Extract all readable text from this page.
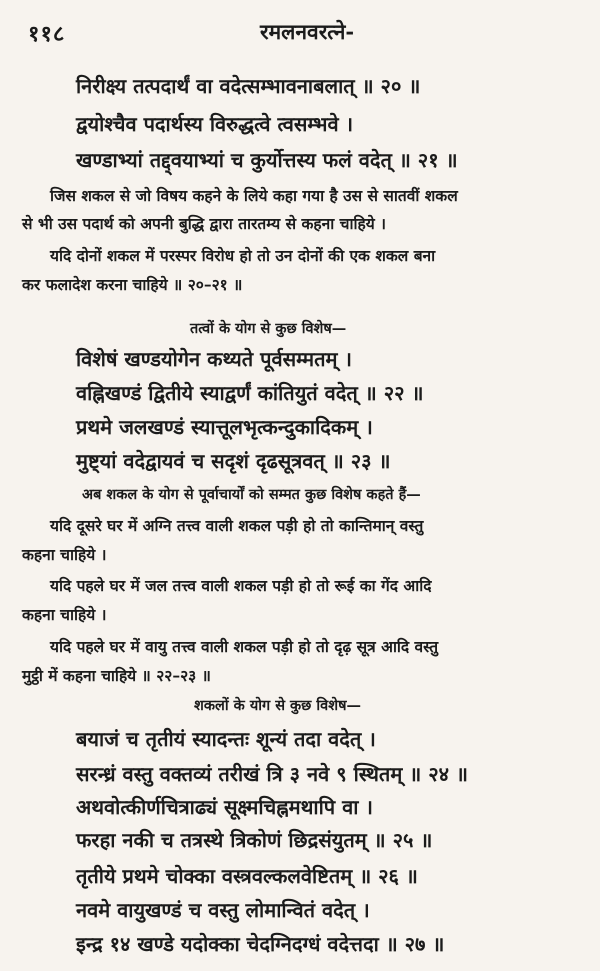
११८	रमलनवरत्ने-
निरीक्ष्य तत्पदार्थं वा वदेत्सम्भावनाबलात् ॥ २० ॥
द्वयोश्चैव पदार्थस्य विरुद्धत्वे त्वसम्भवे ।
खण्डाभ्यां तद्द्वयाभ्यां च कुर्योत्तस्य फलं वदेत् ॥ २१ ॥
जिस शकल से जो विषय कहने के लिये कहा गया है उस से सातवीं शकल
से भी उस पदार्थ को अपनी बुद्धि द्वारा तारतम्य से कहना चाहिये ।
यदि दोनों शकल में परस्पर विरोध हो तो उन दोनों की एक शकल बना
कर फलादेश करना चाहिये ॥ २०–२१ ॥
तत्वों के योग से कुछ विशेष—
विशेषं खण्डयोगेन कथ्यते पूर्वसम्मतम् ।
वह्निखण्डं द्वितीये स्याद्वर्णं कांतियुतं वदेत् ॥ २२ ॥
प्रथमे जलखण्डं स्यात्तूलभृत्कन्दुकादिकम् ।
मुष्ट्यां वदेद्वायवं च सदृशं दृढसूत्रवत् ॥ २३ ॥
अब शकल के योग से पूर्वाचार्यों को सम्मत कुछ विशेष कहते हैं—
यदि दूसरे घर में अग्नि तत्त्व वाली शकल पड़ी हो तो कान्तिमान् वस्तु
कहना चाहिये ।
यदि पहले घर में जल तत्त्व वाली शकल पड़ी हो तो रूई का गेंद आदि
कहना चाहिये ।
यदि पहले घर में वायु तत्त्व वाली शकल पड़ी हो तो दृढ़ सूत्र आदि वस्तु
मुट्ठी में कहना चाहिये ॥ २२–२३ ॥
शकलों के योग से कुछ विशेष—
बयाजं च तृतीयं स्यादन्तः शून्यं तदा वदेत् ।
सरन्ध्रं वस्तु वक्तव्यं तरीखं त्रि ३ नवे ९ स्थितम् ॥ २४ ॥
अथवोत्कीर्णचित्राढ्यं सूक्ष्मचिह्नमथापि वा ।
फरहा नकी च तत्रस्थे त्रिकोणं छिद्रसंयुतम् ॥ २५ ॥
तृतीये प्रथमे चोक्का वस्त्रवल्कलवेष्टितम् ॥ २६ ॥
नवमे वायुखण्डं च वस्तु लोमान्वितं वदेत् ।
इन्द्र १४ खण्डे यदोक्का चेदग्निदग्धं वदेत्तदा ॥ २७ ॥
